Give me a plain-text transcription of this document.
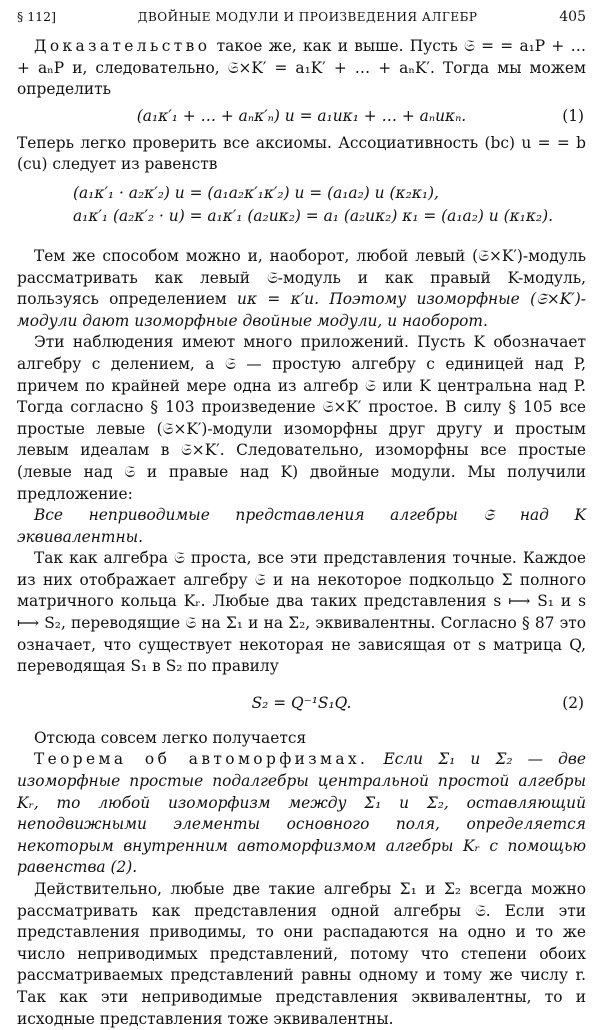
§ 112]	ДВОЙНЫЕ МОДУЛИ И ПРОИЗВЕДЕНИЯ АЛГЕБР	405

Доказательство такое же, как и выше. Пусть 𝔖 = = a₁P + … + aₙP и, следовательно, 𝔖×K′ = a₁K′ + … + aₙK′. Тогда мы можем определить

(a₁κ′₁ + … + aₙκ′ₙ) u = a₁uκ₁ + … + aₙuκₙ.	(1)

Теперь легко проверить все аксиомы. Ассоциативность (bc) u = = b (cu) следует из равенств

(a₁κ′₁ · a₂κ′₂) u = (a₁a₂κ′₁κ′₂) u = (a₁a₂) u (κ₂κ₁),
a₁κ′₁ (a₂κ′₂ · u) = a₁κ′₁ (a₂uκ₂) = a₁ (a₂uκ₂) κ₁ = (a₁a₂) u (κ₁κ₂).

Тем же способом можно и, наоборот, любой левый (𝔖×K′)-модуль рассматривать как левый 𝔖-модуль и как правый K-модуль, пользуясь определением uκ = κ′u. Поэтому изоморфные (𝔖×K′)-модули дают изоморфные двойные модули, и наоборот.

Эти наблюдения имеют много приложений. Пусть K обозначает алгебру с делением, а 𝔖 — простую алгебру с единицей над P, причем по крайней мере одна из алгебр 𝔖 или K центральна над P. Тогда согласно § 103 произведение 𝔖×K′ простое. В силу § 105 все простые левые (𝔖×K′)-модули изоморфны друг другу и простым левым идеалам в 𝔖×K′. Следовательно, изоморфны все простые (левые над 𝔖 и правые над K) двойные модули. Мы получили предложение:

Все неприводимые представления алгебры 𝔖 над K эквивалентны.

Так как алгебра 𝔖 проста, все эти представления точные. Каждое из них отображает алгебру 𝔖 и на некоторое подкольцо Σ полного матричного кольца Kᵣ. Любые два таких представления s ⟼ S₁ и s ⟼ S₂, переводящие 𝔖 на Σ₁ и на Σ₂, эквивалентны. Согласно § 87 это означает, что существует некоторая не зависящая от s матрица Q, переводящая S₁ в S₂ по правилу

S₂ = Q⁻¹S₁Q.	(2)

Отсюда совсем легко получается

Теорема об автоморфизмах. Если Σ₁ и Σ₂ — две изоморфные простые подалгебры центральной простой алгебры Kᵣ, то любой изоморфизм между Σ₁ и Σ₂, оставляющий неподвижными элементы основного поля, определяется некоторым внутренним автоморфизмом алгебры Kᵣ с помощью равенства (2).

Действительно, любые две такие алгебры Σ₁ и Σ₂ всегда можно рассматривать как представления одной алгебры 𝔖. Если эти представления приводимы, то они распадаются на одно и то же число неприводимых представлений, потому что степени обоих рассматриваемых представлений равны одному и тому же числу r. Так как эти неприводимые представления эквивалентны, то и исходные представления тоже эквивалентны.
